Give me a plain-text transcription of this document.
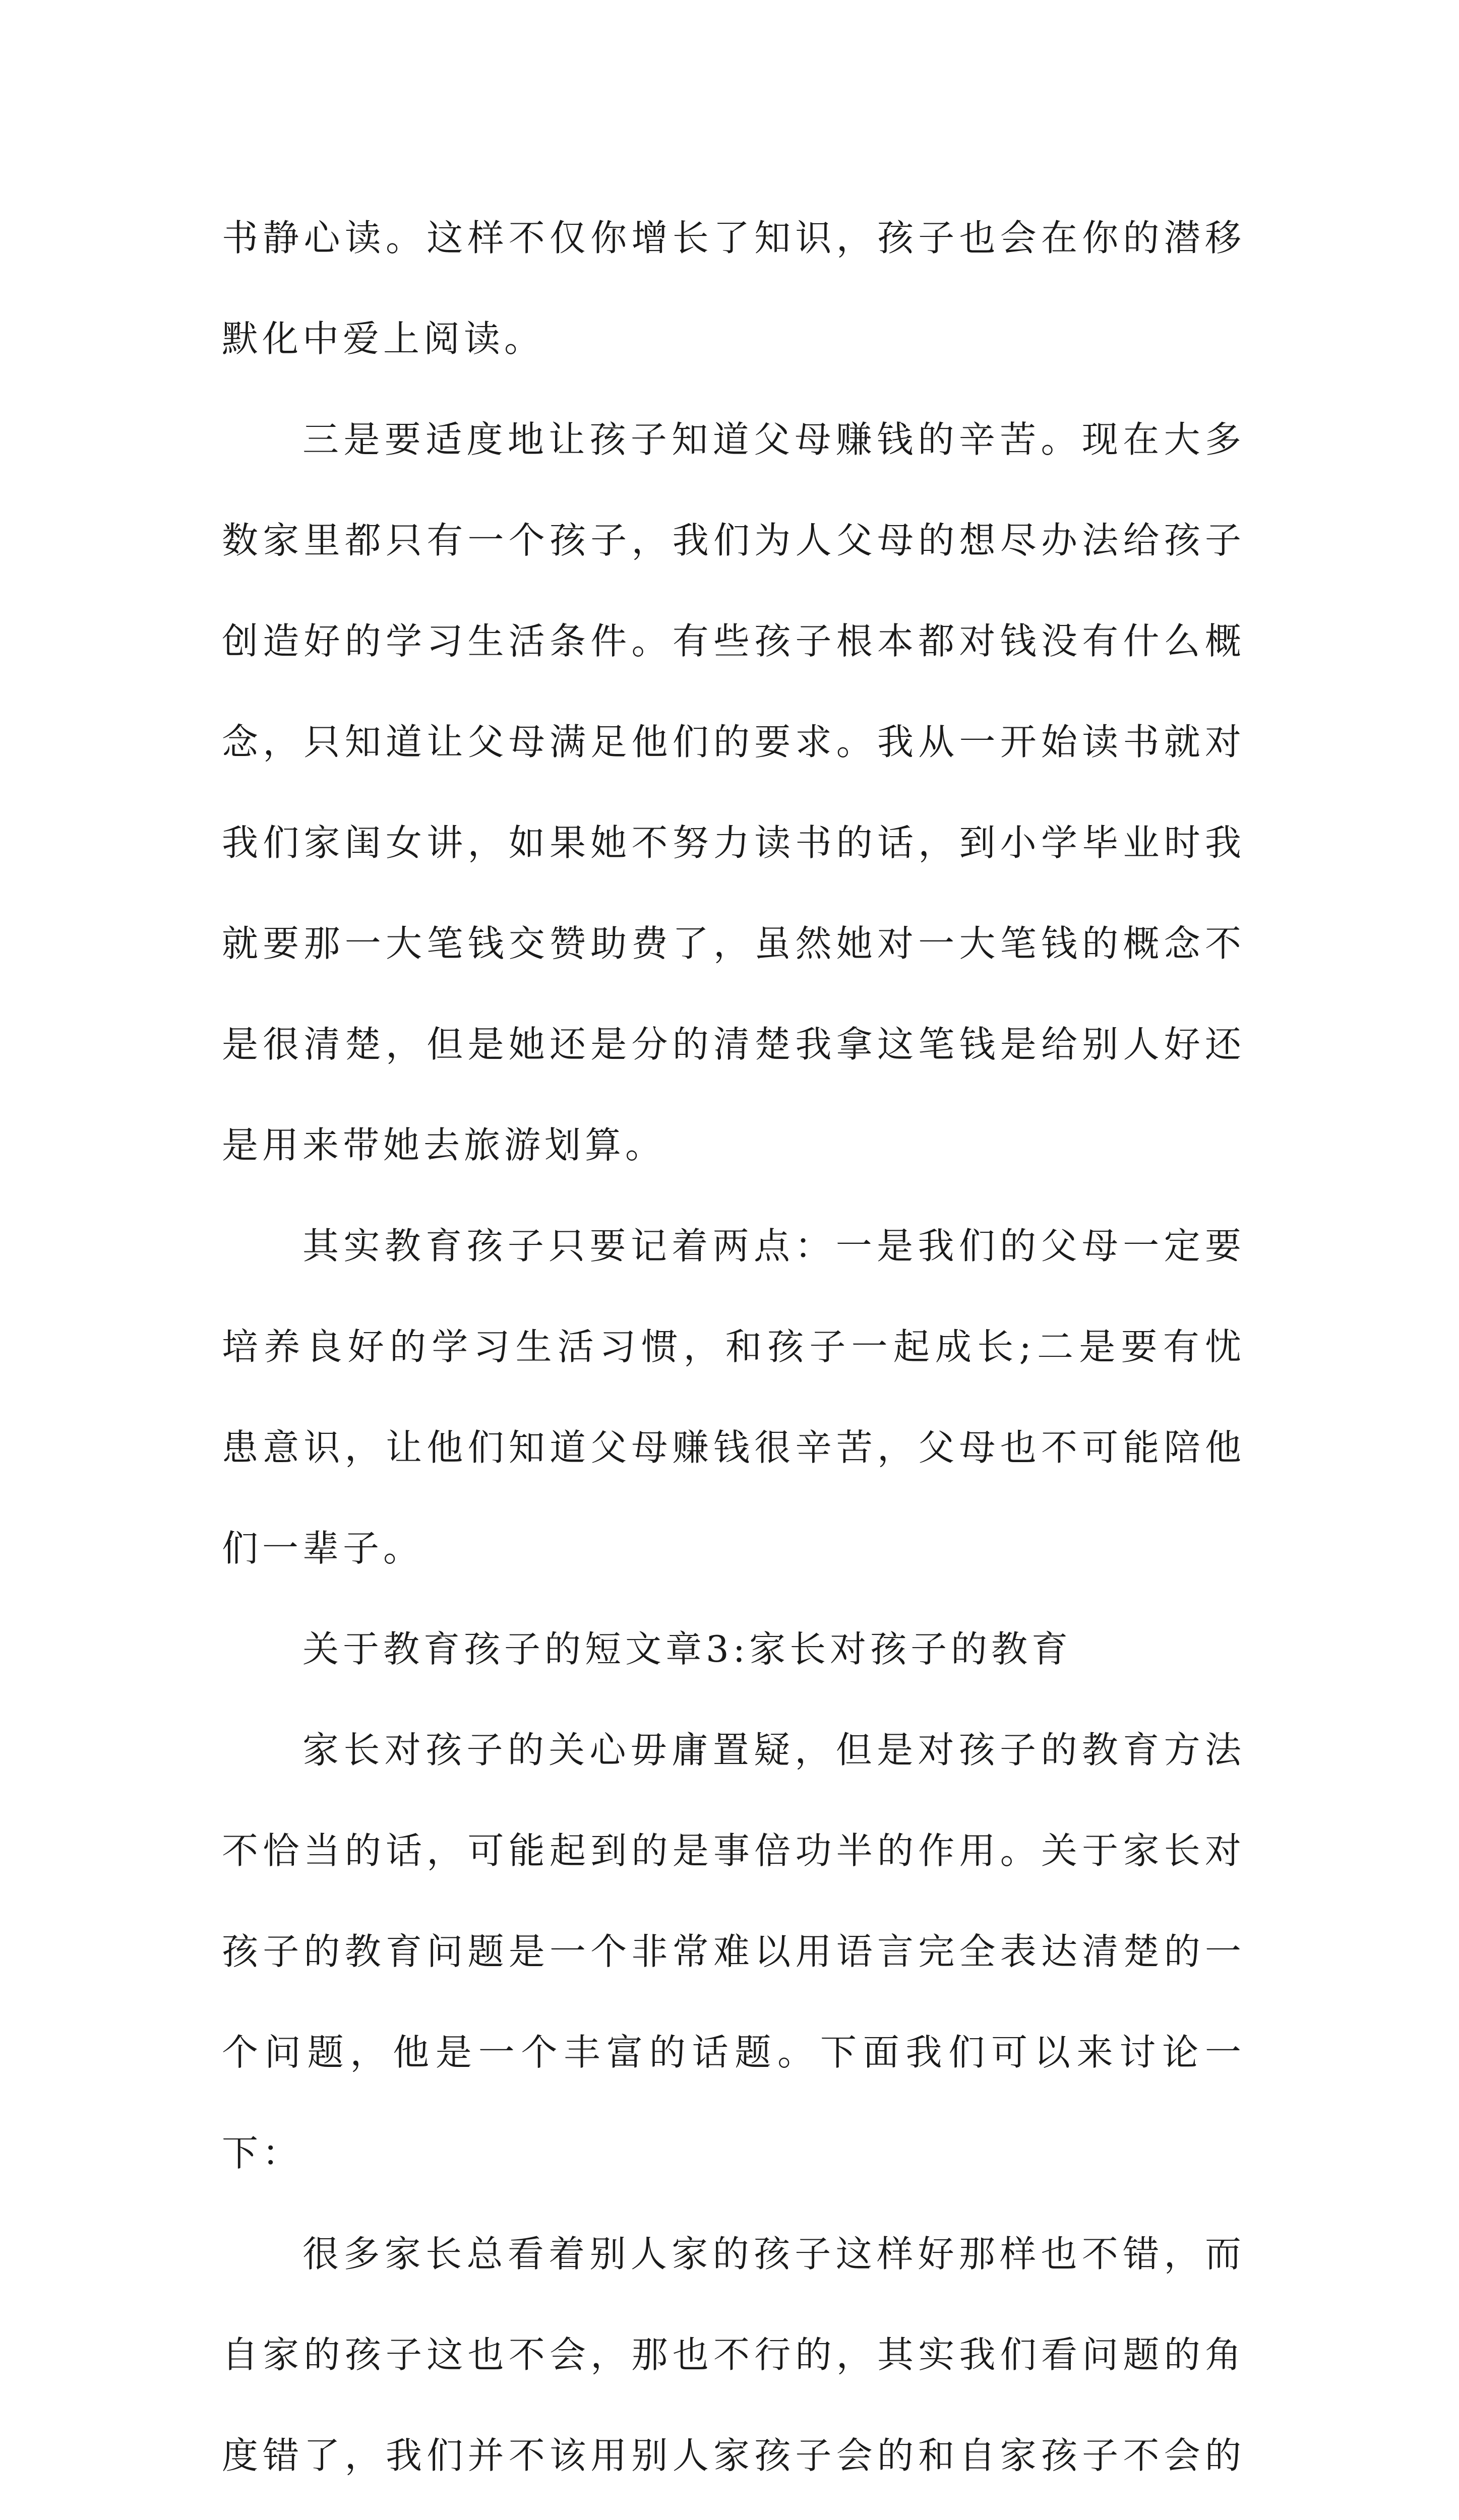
书静心读。这样不仅你增长了知识，孩子也会在你的潜移默化中爱上阅读。

三是要适度地让孩子知道父母赚钱的辛苦。现在大多数家里都只有一个孩子，我们为人父母的想尽办法给孩子创造好的学习生活条件。有些孩子根本都对钱没有什么概念，只知道让父母满足他们的要求。我从一开始读书就对我们家闺女讲，如果她不努力读书的话，到小学毕业时我就要那一大笔钱交赞助费了，虽然她对一大笔钱的概念不是很清楚，但是她还是分的清楚我拿这笔钱是给别人好还是用来带她去旅游划算。

其实教育孩子只要记着两点：一是我们的父母一定要培养良好的学习生活习惯，和孩子一起成长;二是要有忧患意识，让他们知道父母赚钱很辛苦，父母也不可能陪他们一辈子。

关于教育孩子的短文章3:家长对孩子的教育

家长对孩子的关心毋庸置疑，但是对孩子的教育方法不恰当的话，可能起到的是事倍功半的作用。关于家长对孩子的教育问题是一个非常难以用语言完全表达清楚的一个问题，他是一个丰富的话题。下面我们可以来讨论一下：

很多家长总看着别人家的孩子这样好那样也不错，而自家的孩子这也不会，那也不行的，其实我们看问题的角度错了，我们并不该用别人家孩子会的和自家孩子不会的
